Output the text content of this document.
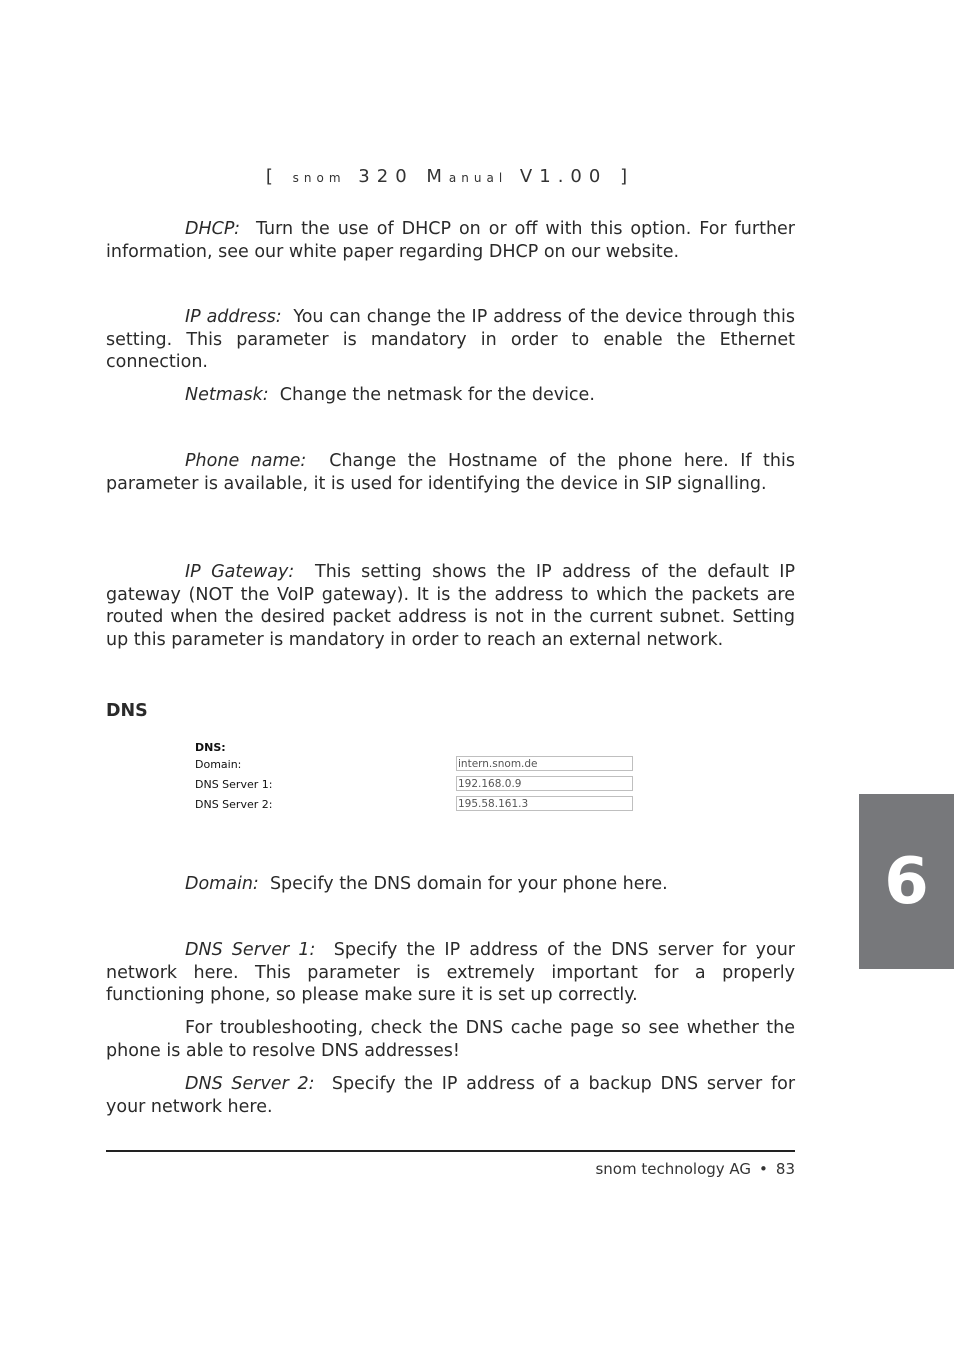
[ snom 320 Manual V1.00 ]

DHCP: Turn the use of DHCP on or off with this option. For further information, see our white paper regarding DHCP on our website.

IP address: You can change the IP address of the device through this setting. This parameter is mandatory in order to enable the Ethernet connection.

Netmask: Change the netmask for the device.

Phone name: Change the Hostname of the phone here. If this parameter is available, it is used for identifying the device in SIP signalling.

IP Gateway: This setting shows the IP address of the default IP gateway (NOT the VoIP gateway). It is the address to which the packets are routed when the desired packet address is not in the current subnet. Setting up this parameter is mandatory in order to reach an external network.

DNS
DNS:
Domain:	intern.snom.de
DNS Server 1:	192.168.0.9
DNS Server 2:	195.58.161.3

Domain: Specify the DNS domain for your phone here.

DNS Server 1: Specify the IP address of the DNS server for your network here. This parameter is extremely important for a properly functioning phone, so please make sure it is set up correctly.

For troubleshooting, check the DNS cache page so see whether the phone is able to resolve DNS addresses!

DNS Server 2: Specify the IP address of a backup DNS server for your network here.

6
snom technology AG • 83
